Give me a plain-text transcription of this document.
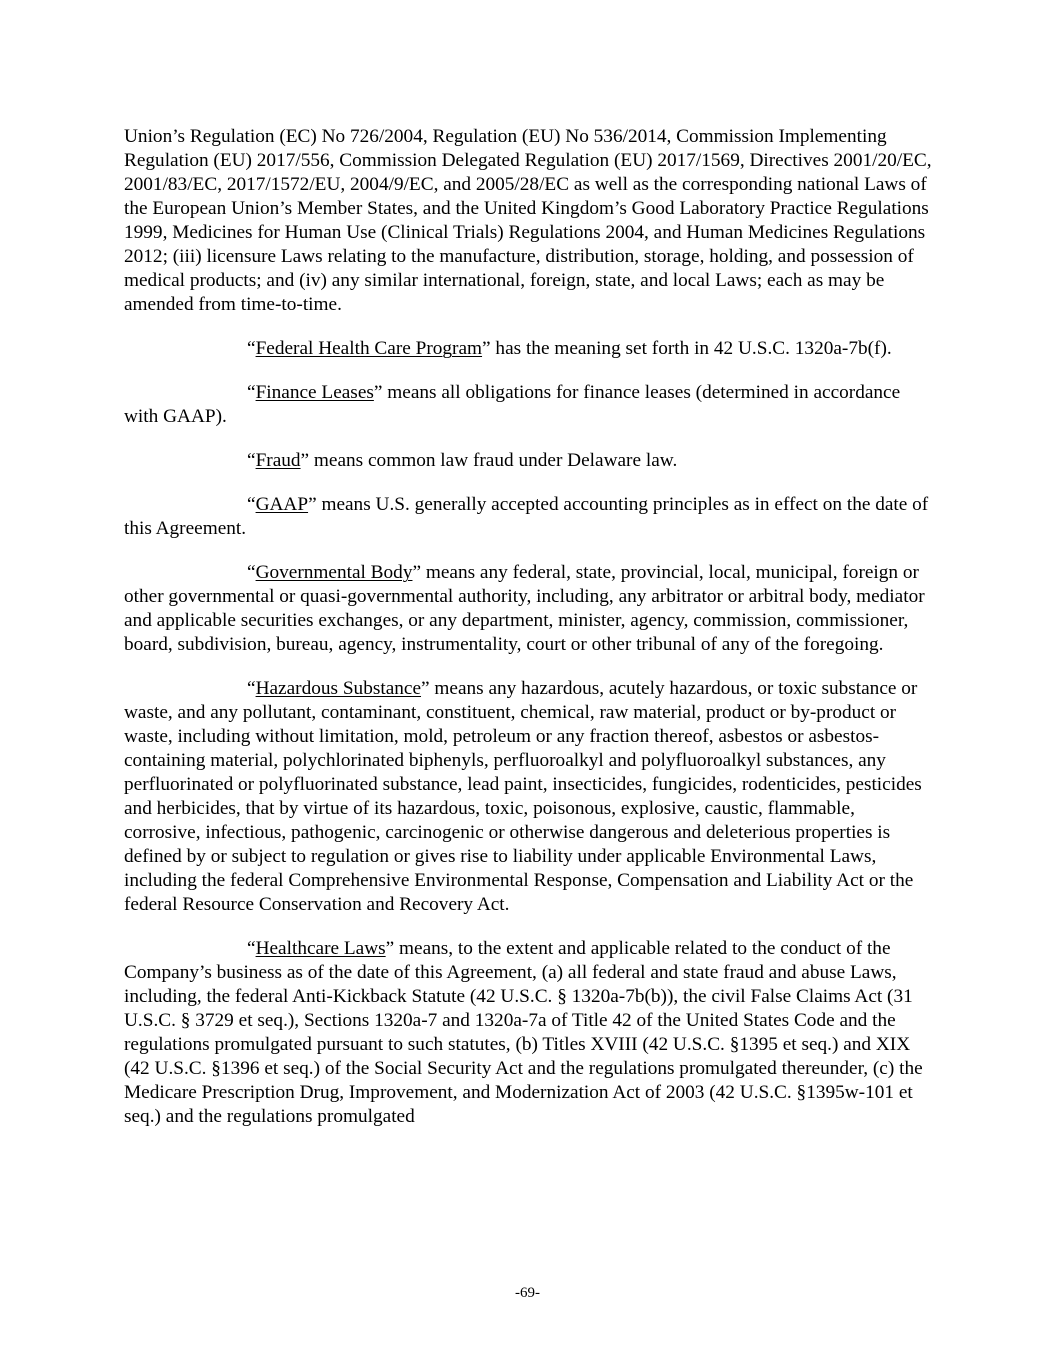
Union’s Regulation (EC) No 726/2004, Regulation (EU) No 536/2014, Commission Implementing Regulation (EU) 2017/556, Commission Delegated Regulation (EU) 2017/1569, Directives 2001/20/EC, 2001/83/EC, 2017/1572/EU, 2004/9/EC, and 2005/28/EC as well as the corresponding national Laws of the European Union’s Member States, and the United Kingdom’s Good Laboratory Practice Regulations 1999, Medicines for Human Use (Clinical Trials) Regulations 2004, and Human Medicines Regulations 2012; (iii) licensure Laws relating to the manufacture, distribution, storage, holding, and possession of medical products; and (iv) any similar international, foreign, state, and local Laws; each as may be amended from time-to-time.

“Federal Health Care Program” has the meaning set forth in 42 U.S.C. 1320a-7b(f).

“Finance Leases” means all obligations for finance leases (determined in accordance with GAAP).

“Fraud” means common law fraud under Delaware law.

“GAAP” means U.S. generally accepted accounting principles as in effect on the date of this Agreement.

“Governmental Body” means any federal, state, provincial, local, municipal, foreign or other governmental or quasi-governmental authority, including, any arbitrator or arbitral body, mediator and applicable securities exchanges, or any department, minister, agency, commission, commissioner, board, subdivision, bureau, agency, instrumentality, court or other tribunal of any of the foregoing.

“Hazardous Substance” means any hazardous, acutely hazardous, or toxic substance or waste, and any pollutant, contaminant, constituent, chemical, raw material, product or by-product or waste, including without limitation, mold, petroleum or any fraction thereof, asbestos or asbestos-containing material, polychlorinated biphenyls, perfluoroalkyl and polyfluoroalkyl substances, any perfluorinated or polyfluorinated substance, lead paint, insecticides, fungicides, rodenticides, pesticides and herbicides, that by virtue of its hazardous, toxic, poisonous, explosive, caustic, flammable, corrosive, infectious, pathogenic, carcinogenic or otherwise dangerous and deleterious properties is defined by or subject to regulation or gives rise to liability under applicable Environmental Laws, including the federal Comprehensive Environmental Response, Compensation and Liability Act or the federal Resource Conservation and Recovery Act.

“Healthcare Laws” means, to the extent and applicable related to the conduct of the Company’s business as of the date of this Agreement, (a) all federal and state fraud and abuse Laws, including, the federal Anti-Kickback Statute (42 U.S.C. § 1320a-7b(b)), the civil False Claims Act (31 U.S.C. § 3729 et seq.), Sections 1320a-7 and 1320a-7a of Title 42 of the United States Code and the regulations promulgated pursuant to such statutes, (b) Titles XVIII (42 U.S.C. §1395 et seq.) and XIX (42 U.S.C. §1396 et seq.) of the Social Security Act and the regulations promulgated thereunder, (c) the Medicare Prescription Drug, Improvement, and Modernization Act of 2003 (42 U.S.C. §1395w-101 et seq.) and the regulations promulgated

-69-
